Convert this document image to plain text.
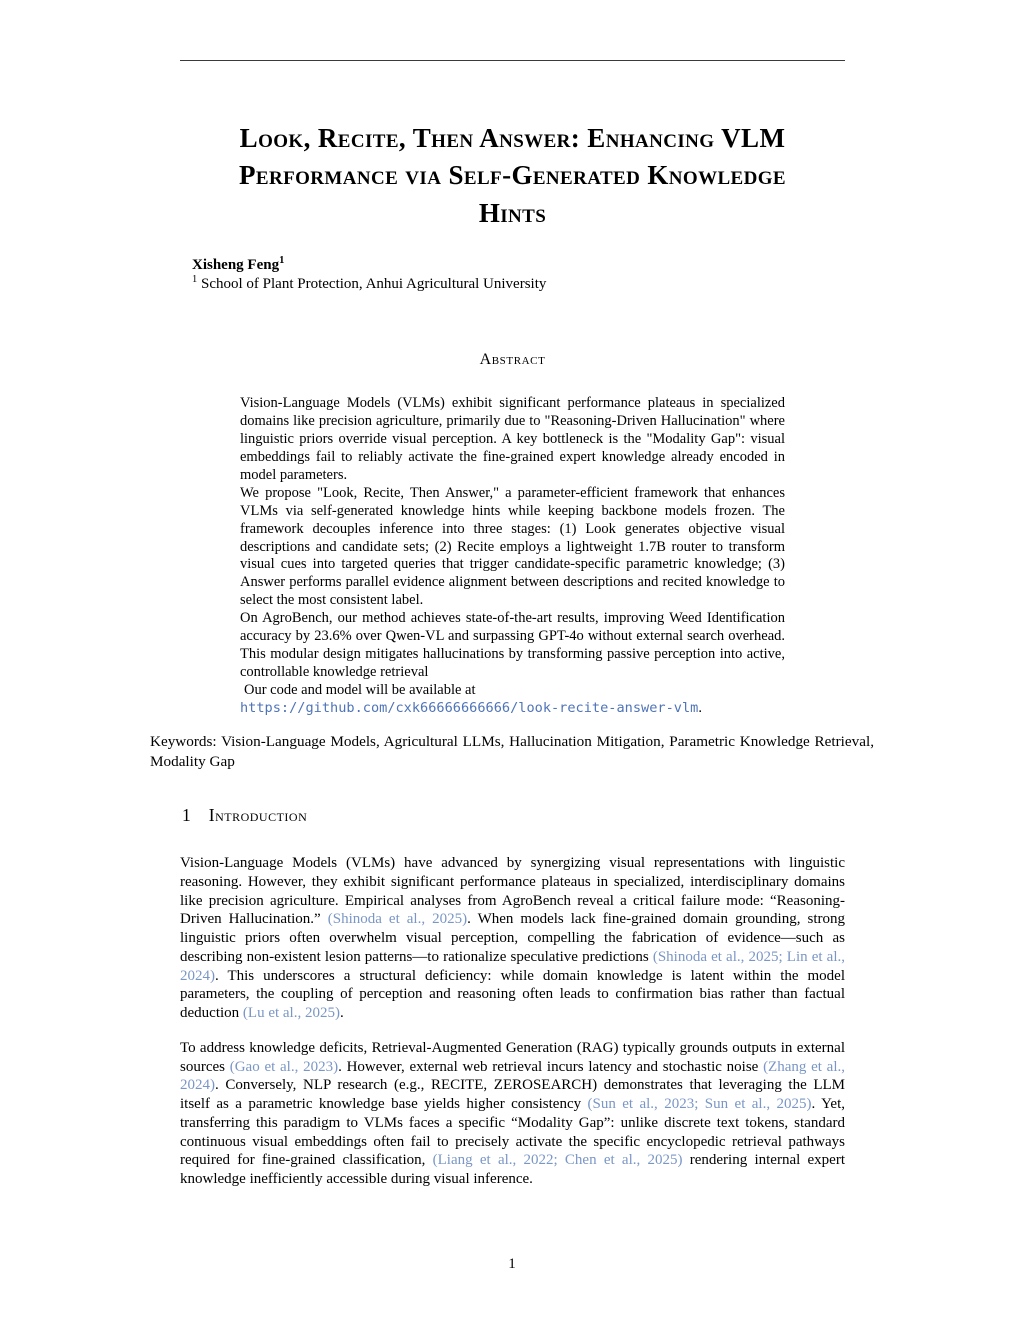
Look, Recite, Then Answer: Enhancing VLM
Performance via Self-Generated Knowledge
Hints
Xisheng Feng$^1$
$^1$ School of Plant Protection, Anhui Agricultural University
Abstract

Vision-Language Models (VLMs) exhibit significant performance plateaus in specialized domains like precision agriculture, primarily due to "Reasoning-Driven Hallucination" where linguistic priors override visual perception. A key bottleneck is the "Modality Gap": visual embeddings fail to reliably activate the fine-grained expert knowledge already encoded in model parameters.

We propose "Look, Recite, Then Answer," a parameter-efficient framework that enhances VLMs via self-generated knowledge hints while keeping backbone models frozen. The framework decouples inference into three stages: (1) Look generates objective visual descriptions and candidate sets; (2) Recite employs a lightweight 1.7B router to transform visual cues into targeted queries that trigger candidate-specific parametric knowledge; (3) Answer performs parallel evidence alignment between descriptions and recited knowledge to select the most consistent label.

On AgroBench, our method achieves state-of-the-art results, improving Weed Identification accuracy by 23.6% over Qwen-VL and surpassing GPT-4o without external search overhead. This modular design mitigates hallucinations by transforming passive perception into active, controllable knowledge retrieval

Our code and model will be available at

https://github.com/cxk66666666666/look-recite-answer-vlm.

Keywords: Vision-Language Models, Agricultural LLMs, Hallucination Mitigation, Parametric Knowledge Retrieval, Modality Gap

1 Introduction

Vision-Language Models (VLMs) have advanced by synergizing visual representations with linguistic reasoning. However, they exhibit significant performance plateaus in specialized, interdisciplinary domains like precision agriculture. Empirical analyses from AgroBench reveal a critical failure mode: “Reasoning-Driven Hallucination.” (Shinoda et al., 2025). When models lack fine-grained domain grounding, strong linguistic priors often overwhelm visual perception, compelling the fabrication of evidence—such as describing non-existent lesion patterns—to rationalize speculative predictions (Shinoda et al., 2025; Lin et al., 2024). This underscores a structural deficiency: while domain knowledge is latent within the model parameters, the coupling of perception and reasoning often leads to confirmation bias rather than factual deduction (Lu et al., 2025).

To address knowledge deficits, Retrieval-Augmented Generation (RAG) typically grounds outputs in external sources (Gao et al., 2023). However, external web retrieval incurs latency and stochastic noise (Zhang et al., 2024). Conversely, NLP research (e.g., RECITE, ZEROSEARCH) demonstrates that leveraging the LLM itself as a parametric knowledge base yields higher consistency (Sun et al., 2023; Sun et al., 2025). Yet, transferring this paradigm to VLMs faces a specific “Modality Gap”: unlike discrete text tokens, standard continuous visual embeddings often fail to precisely activate the specific encyclopedic retrieval pathways required for fine-grained classification, (Liang et al., 2022; Chen et al., 2025) rendering internal expert knowledge inefficiently accessible during visual inference.

1
